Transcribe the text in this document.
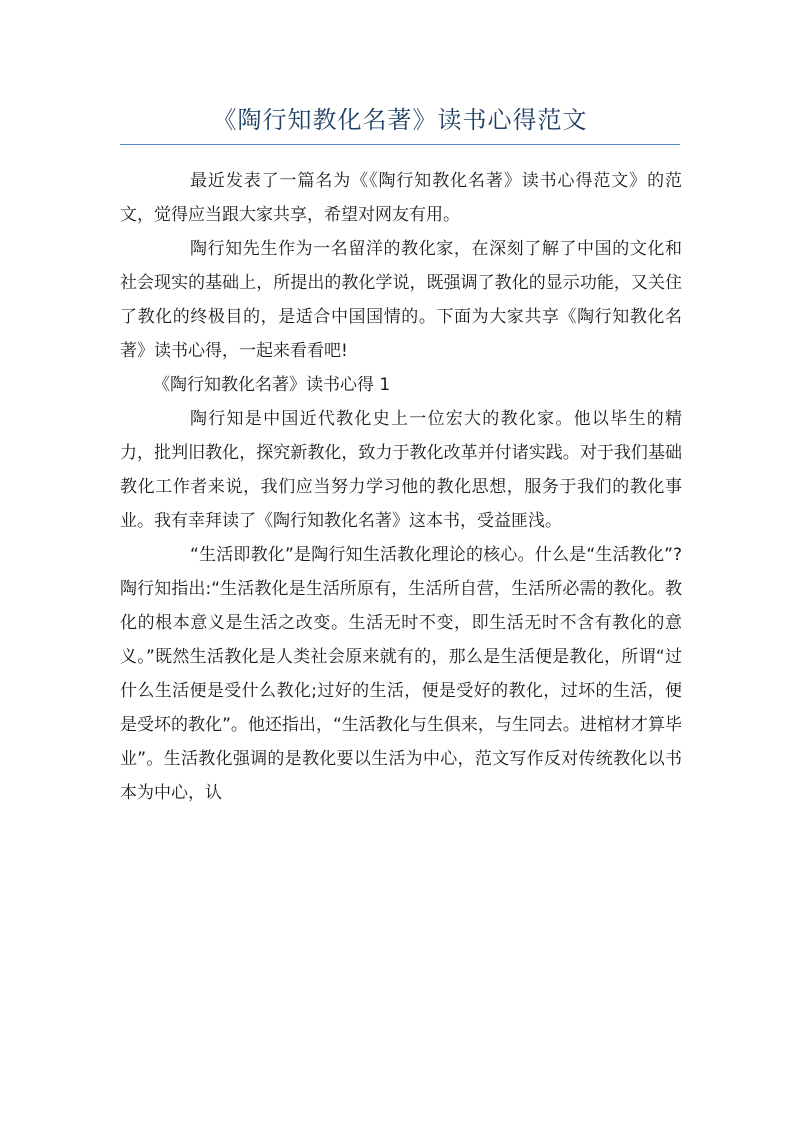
《陶行知教化名著》读书心得范文

最近发表了一篇名为《《陶行知教化名著》读书心得范文》的范文，觉得应当跟大家共享，希望对网友有用。

陶行知先生作为一名留洋的教化家，在深刻了解了中国的文化和社会现实的基础上，所提出的教化学说，既强调了教化的显示功能，又关住了教化的终极目的，是适合中国国情的。下面为大家共享《陶行知教化名著》读书心得，一起来看看吧!

《陶行知教化名著》读书心得 1

陶行知是中国近代教化史上一位宏大的教化家。他以毕生的精力，批判旧教化，探究新教化，致力于教化改革并付诸实践。对于我们基础教化工作者来说，我们应当努力学习他的教化思想，服务于我们的教化事业。我有幸拜读了《陶行知教化名著》这本书，受益匪浅。

“生活即教化”是陶行知生活教化理论的核心。什么是“生活教化”?陶行知指出:“生活教化是生活所原有，生活所自营，生活所必需的教化。教化的根本意义是生活之改变。生活无时不变，即生活无时不含有教化的意义。”既然生活教化是人类社会原来就有的，那么是生活便是教化，所谓“过什么生活便是受什么教化;过好的生活，便是受好的教化，过坏的生活，便是受坏的教化”。他还指出，“生活教化与生俱来，与生同去。进棺材才算毕业”。生活教化强调的是教化要以生活为中心，范文写作反对传统教化以书本为中心，认
